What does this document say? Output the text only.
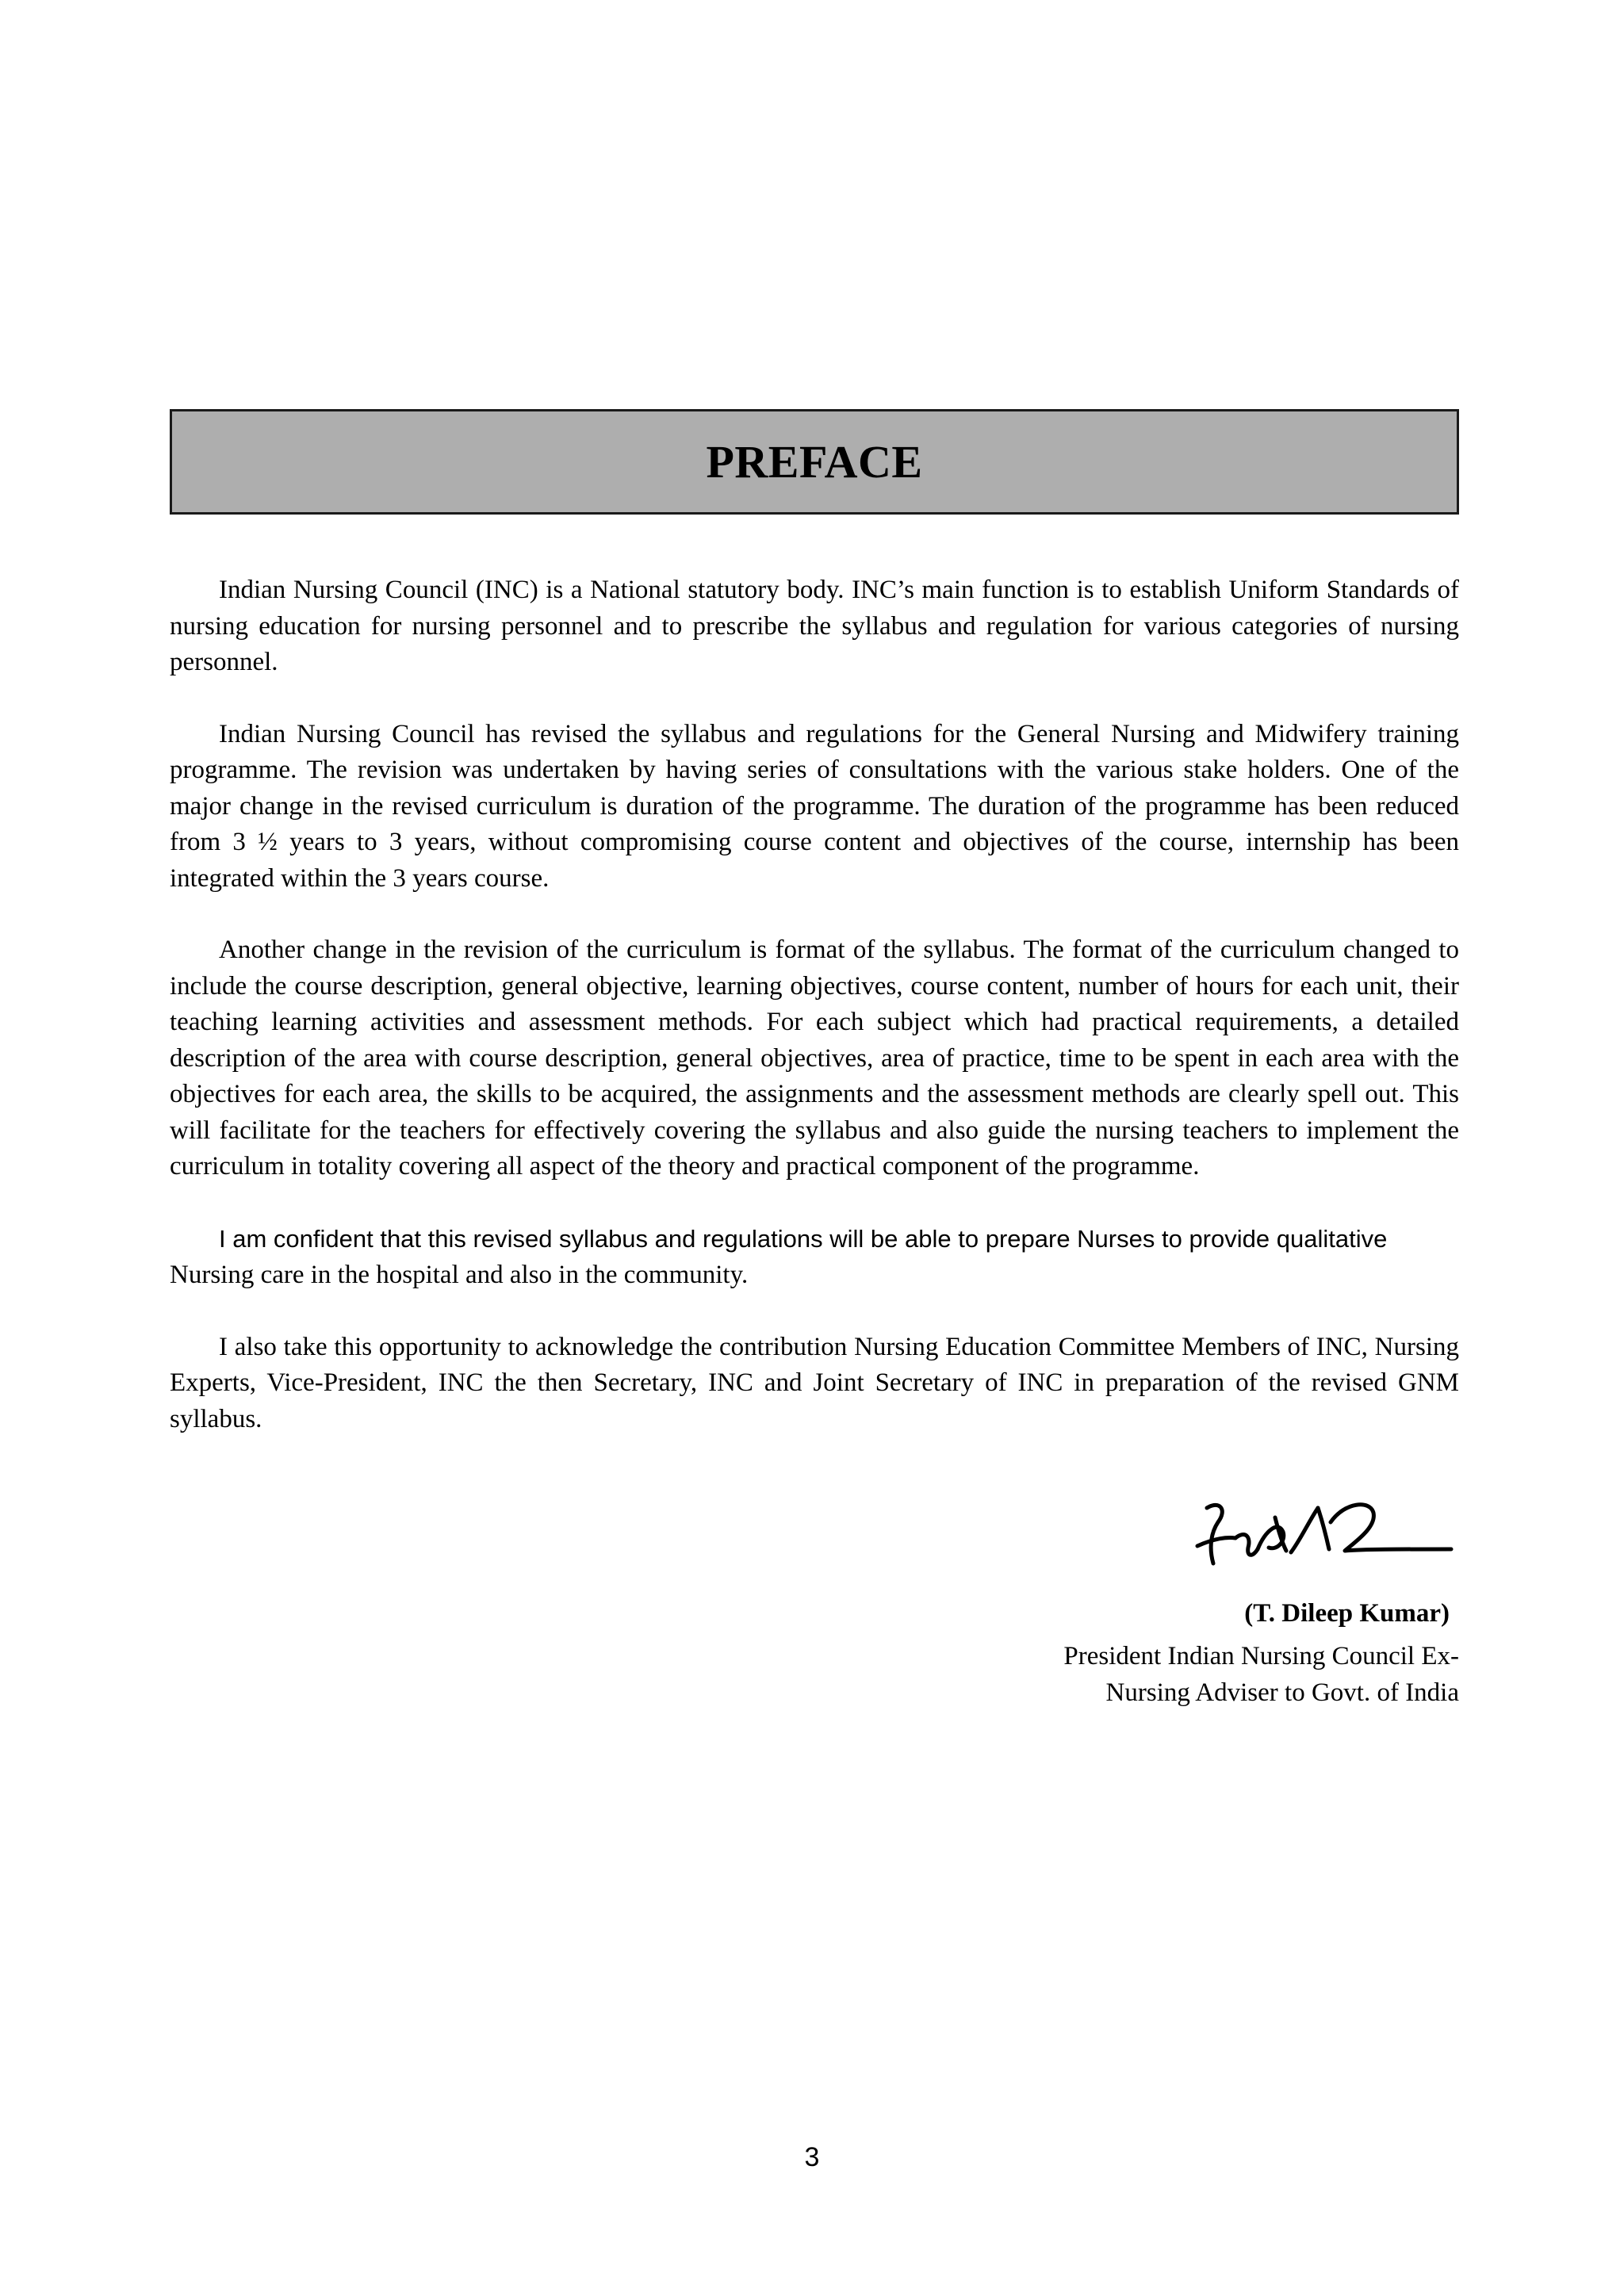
PREFACE

Indian Nursing Council (INC) is a National statutory body. INC’s main function is to establish Uniform Standards of nursing education for nursing personnel and to prescribe the syllabus and regulation for various categories of nursing personnel.

Indian Nursing Council has revised the syllabus and regulations for the General Nursing and Midwifery training programme. The revision was undertaken by having series of consultations with the various stake holders. One of the major change in the revised curriculum is duration of the programme. The duration of the programme has been reduced from 3 ½ years to 3 years, without compromising course content and objectives of the course, internship has been integrated within the 3 years course.

Another change in the revision of the curriculum is format of the syllabus. The format of the curriculum changed to include the course description, general objective, learning objectives, course content, number of hours for each unit, their teaching learning activities and assessment methods. For each subject which had practical requirements, a detailed description of the area with course description, general objectives, area of practice, time to be spent in each area with the objectives for each area, the skills to be acquired, the assignments and the assessment methods are clearly spell out. This will facilitate for the teachers for effectively covering the syllabus and also guide the nursing teachers to implement the curriculum in totality covering all aspect of the theory and practical component of the programme.

I am confident that this revised syllabus and regulations will be able to prepare Nurses to provide qualitative Nursing care in the hospital and also in the community.

I also take this opportunity to acknowledge the contribution Nursing Education Committee Members of INC, Nursing Experts, Vice-President, INC the then Secretary, INC and Joint Secretary of INC in preparation of the revised GNM syllabus.

(T. Dileep Kumar)
President Indian Nursing Council Ex-
Nursing Adviser to Govt. of India
3
